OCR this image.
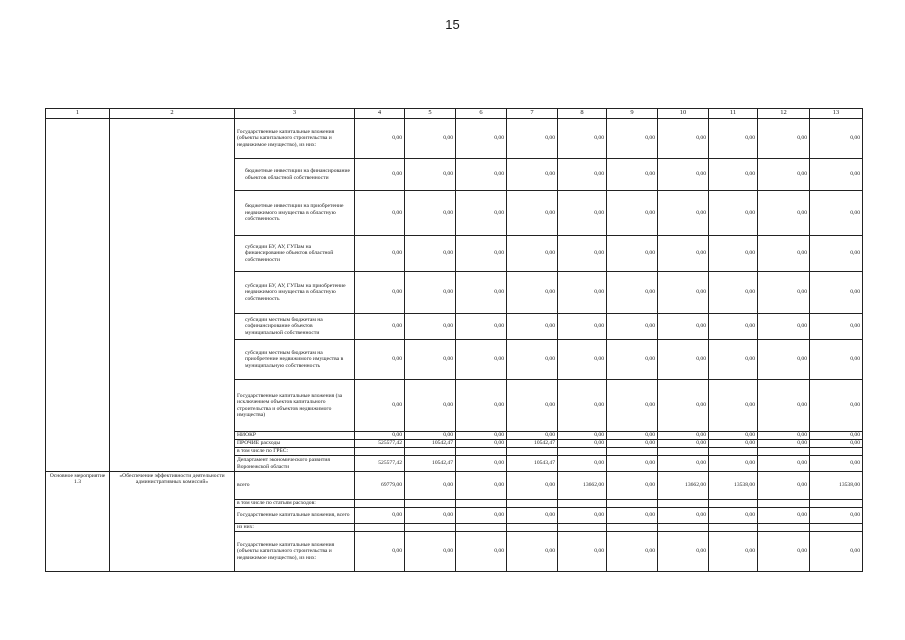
15
1	2	3	4	5	6	7	8	9	10	11	12	13
		Государственные капитальные вложения (объекты капитального строительства и недвижимое имущество), из них:	0,00	0,00	0,00	0,00	0,00	0,00	0,00	0,00	0,00	0,00
		бюджетные инвестиции на финансирование объектов областной собственности	0,00	0,00	0,00	0,00	0,00	0,00	0,00	0,00	0,00	0,00
		бюджетные инвестиции на приобретение недвижимого имущества в областную собственность	0,00	0,00	0,00	0,00	0,00	0,00	0,00	0,00	0,00	0,00
		субсидии БУ, АУ, ГУПам на финансирование объектов областной собственности	0,00	0,00	0,00	0,00	0,00	0,00	0,00	0,00	0,00	0,00
		субсидии БУ, АУ, ГУПам на приобретение недвижимого имущества в областную собственность	0,00	0,00	0,00	0,00	0,00	0,00	0,00	0,00	0,00	0,00
		субсидии местным бюджетам на софинансирование объектов муниципальной собственности	0,00	0,00	0,00	0,00	0,00	0,00	0,00	0,00	0,00	0,00
		субсидии местным бюджетам на приобретение недвижимого имущества в муниципальную собственность	0,00	0,00	0,00	0,00	0,00	0,00	0,00	0,00	0,00	0,00
		Государственные капитальные вложения (за исключением объектов капитального строительства и объектов недвижимого имущества)	0,00	0,00	0,00	0,00	0,00	0,00	0,00	0,00	0,00	0,00
		НИОКР	0,00	0,00	0,00	0,00	0,00	0,00	0,00	0,00	0,00	0,00
		ПРОЧИЕ расходы	525577,42	10542,47	0,00	10542,47	0,00	0,00	0,00	0,00	0,00	0,00
		в том числе по ГРБС:										
		Департамент экономического развития Воронежской области	525577,42	10542,47	0,00	10543,47	0,00	0,00	0,00	0,00	0,00	0,00
Основное мероприятие 1.3	«Обеспечение эффективности деятельности административных комиссий»	всего	69779,00	0,00	0,00	0,00	13662,00	0,00	13662,00	13538,00	0,00	13538,00
		в том числе по статьям расходов:										
		Государственные капитальные вложения, всего	0,00	0,00	0,00	0,00	0,00	0,00	0,00	0,00	0,00	0,00
		из них:										
		Государственные капитальные вложения (объекты капитального строительства и недвижимое имущество), из них:	0,00	0,00	0,00	0,00	0,00	0,00	0,00	0,00	0,00	0,00
